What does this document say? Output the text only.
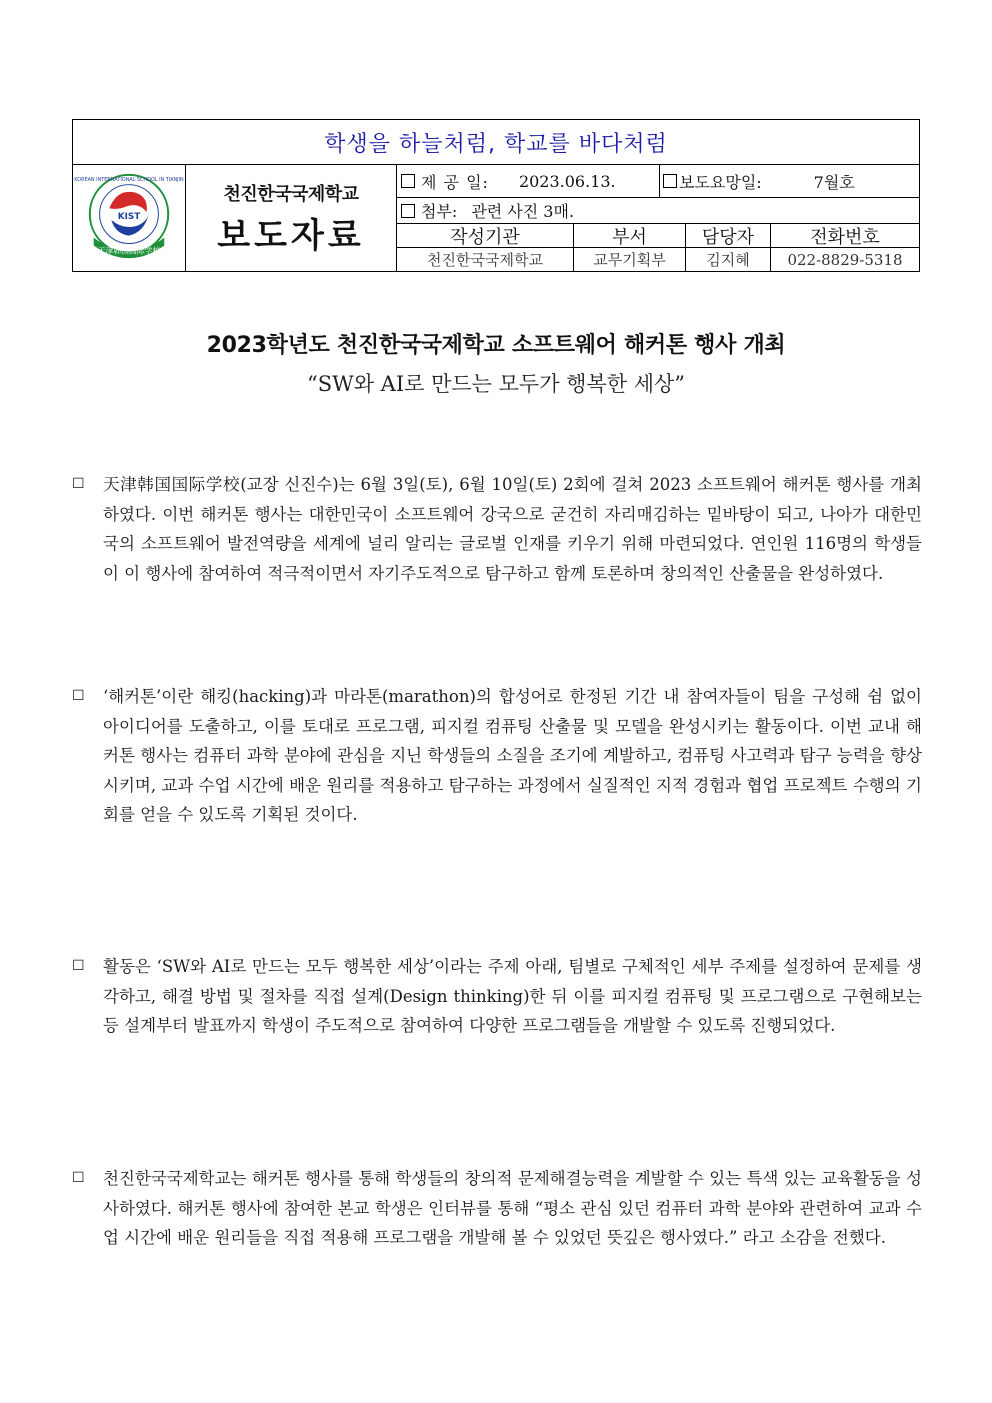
학생을 하늘처럼, 학교를 바다처럼
KIST
天津韩国国际学校
KOREAN INTERNATIONAL SCHOOL IN TIANJIN
천진한국국제학교
보도자료
제 공 일: 2023.06.13.	보도요망일:	7월호
첨부: 관련 사진 3매.
작성기관	부서	담당자	전화번호
천진한국국제학교	교무기획부	김지혜	022-8829-5318
2023학년도 천진한국국제학교 소프트웨어 해커톤 행사 개최
“SW와 AI로 만드는 모두가 행복한 세상”
☐ 天津韩国国际学校(교장 신진수)는 6월 3일(토), 6월 10일(토) 2회에 걸쳐 2023 소프트웨어 해커톤 행사를 개최하였다. 이번 해커톤 행사는 대한민국이 소프트웨어 강국으로 굳건히 자리매김하는 밑바탕이 되고, 나아가 대한민국의 소프트웨어 발전역량을 세계에 널리 알리는 글로벌 인재를 키우기 위해 마련되었다. 연인원 116명의 학생들이 이 행사에 참여하여 적극적이면서 자기주도적으로 탐구하고 함께 토론하며 창의적인 산출물을 완성하였다.
☐ ‘해커톤’이란 해킹(hacking)과 마라톤(marathon)의 합성어로 한정된 기간 내 참여자들이 팀을 구성해 쉼 없이 아이디어를 도출하고, 이를 토대로 프로그램, 피지컬 컴퓨팅 산출물 및 모델을 완성시키는 활동이다. 이번 교내 해커톤 행사는 컴퓨터 과학 분야에 관심을 지닌 학생들의 소질을 조기에 계발하고, 컴퓨팅 사고력과 탐구 능력을 향상시키며, 교과 수업 시간에 배운 원리를 적용하고 탐구하는 과정에서 실질적인 지적 경험과 협업 프로젝트 수행의 기회를 얻을 수 있도록 기획된 것이다.
☐ 활동은 ‘SW와 AI로 만드는 모두 행복한 세상’이라는 주제 아래, 팀별로 구체적인 세부 주제를 설정하여 문제를 생각하고, 해결 방법 및 절차를 직접 설계(Design thinking)한 뒤 이를 피지컬 컴퓨팅 및 프로그램으로 구현해보는 등 설계부터 발표까지 학생이 주도적으로 참여하여 다양한 프로그램들을 개발할 수 있도록 진행되었다.
☐ 천진한국국제학교는 해커톤 행사를 통해 학생들의 창의적 문제해결능력을 계발할 수 있는 특색 있는 교육활동을 성사하였다. 해커톤 행사에 참여한 본교 학생은 인터뷰를 통해 “평소 관심 있던 컴퓨터 과학 분야와 관련하여 교과 수업 시간에 배운 원리들을 직접 적용해 프로그램을 개발해 볼 수 있었던 뜻깊은 행사였다.” 라고 소감을 전했다.
